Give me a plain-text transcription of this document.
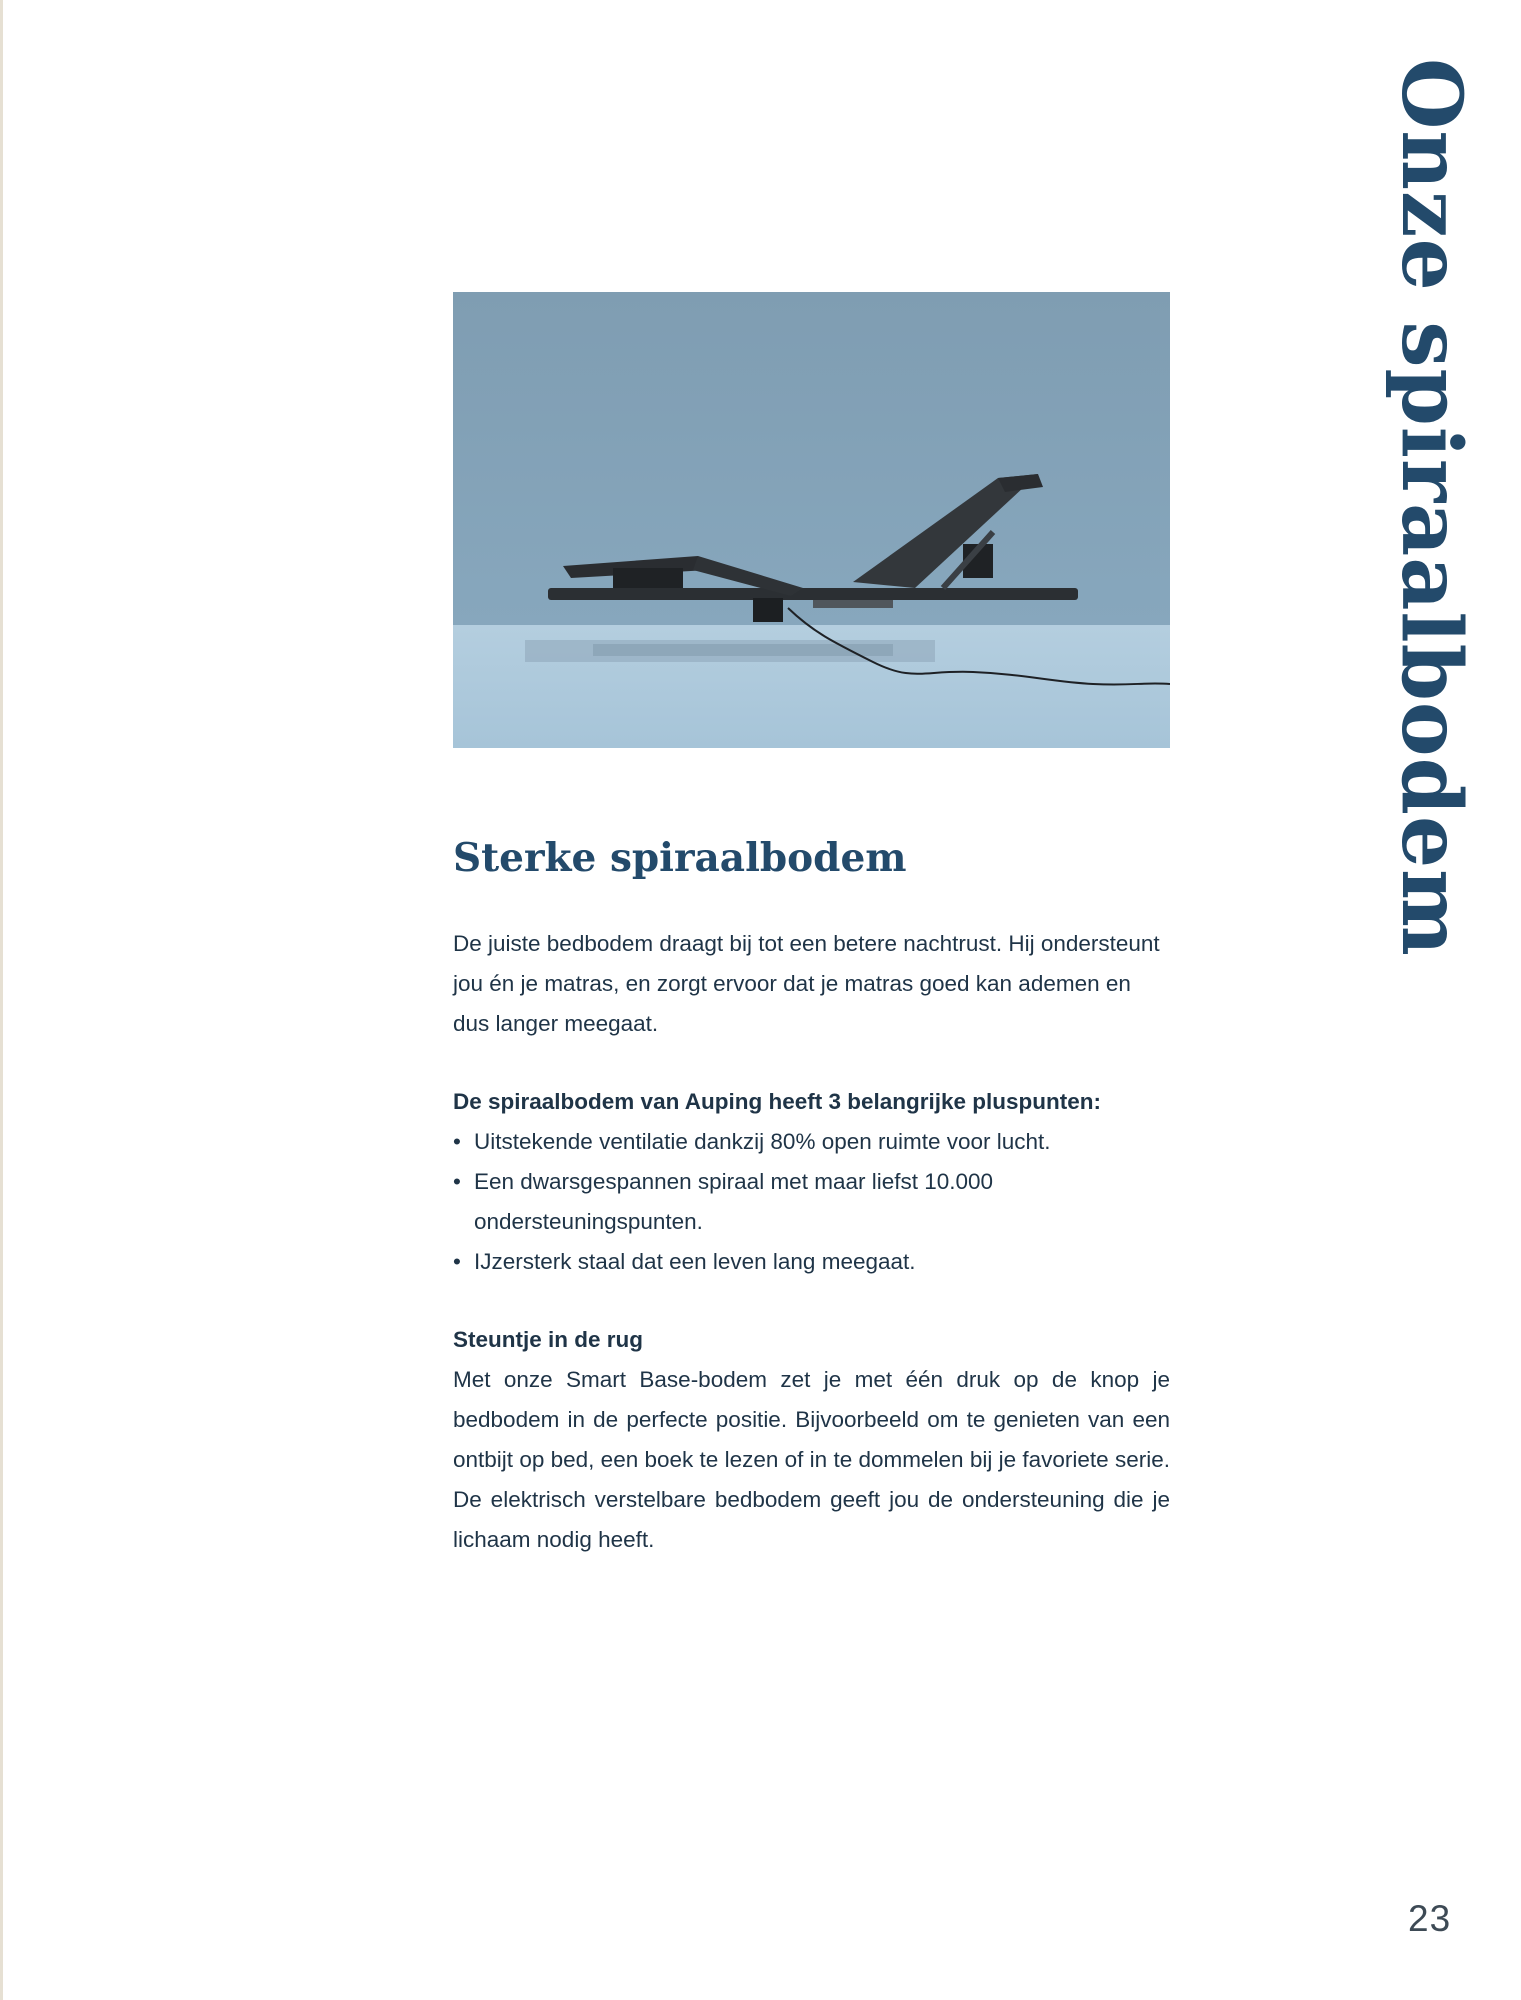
Onze spiraalbodem
Sterke spiraalbodem

De juiste bedbodem draagt bij tot een betere nachtrust. Hij ondersteunt jou én je matras, en zorgt ervoor dat je matras goed kan ademen en dus langer meegaat.

De spiraalbodem van Auping heeft 3 belangrijke pluspunten:

• Uitstekende ventilatie dankzij 80% open ruimte voor lucht.
• Een dwarsgespannen spiraal met maar liefst 10.000 ondersteuningspunten.
• IJzersterk staal dat een leven lang meegaat.

Steuntje in de rug

Met onze Smart Base-bodem zet je met één druk op de knop je bedbodem in de perfecte positie. Bijvoorbeeld om te genieten van een ontbijt op bed, een boek te lezen of in te dommelen bij je favoriete serie. De elektrisch verstelbare bedbodem geeft jou de ondersteuning die je lichaam nodig heeft.

23
